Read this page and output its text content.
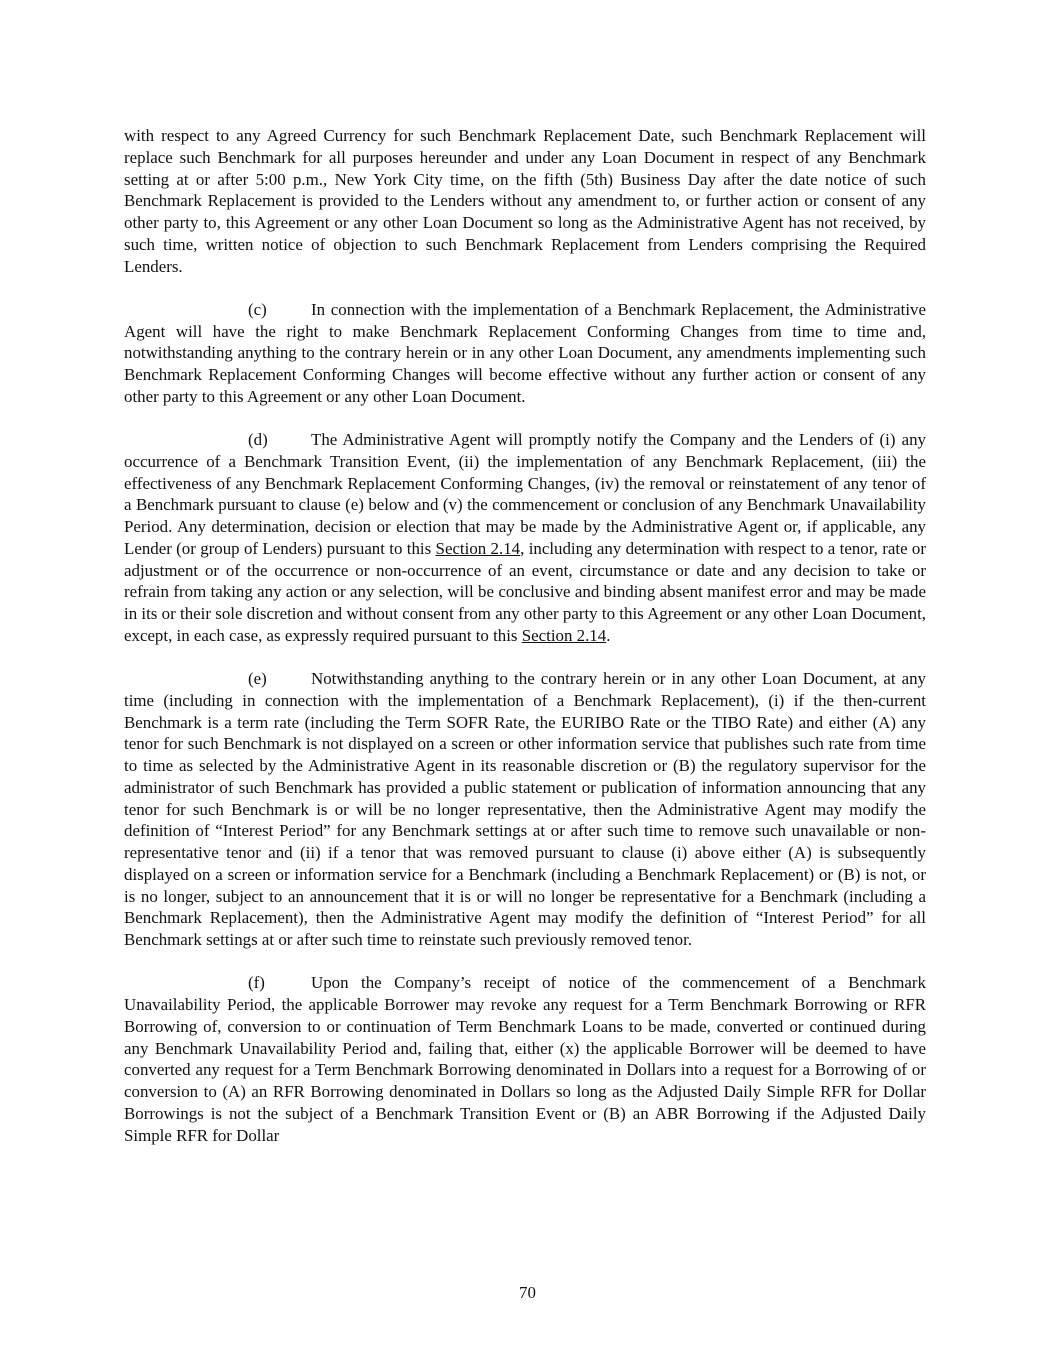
with respect to any Agreed Currency for such Benchmark Replacement Date, such Benchmark Replacement will replace such Benchmark for all purposes hereunder and under any Loan Document in respect of any Benchmark setting at or after 5:00 p.m., New York City time, on the fifth (5th) Business Day after the date notice of such Benchmark Replacement is provided to the Lenders without any amendment to, or further action or consent of any other party to, this Agreement or any other Loan Document so long as the Administrative Agent has not received, by such time, written notice of objection to such Benchmark Replacement from Lenders comprising the Required Lenders.

(c)	In connection with the implementation of a Benchmark Replacement, the Administrative Agent will have the right to make Benchmark Replacement Conforming Changes from time to time and, notwithstanding anything to the contrary herein or in any other Loan Document, any amendments implementing such Benchmark Replacement Conforming Changes will become effective without any further action or consent of any other party to this Agreement or any other Loan Document.

(d)	The Administrative Agent will promptly notify the Company and the Lenders of (i) any occurrence of a Benchmark Transition Event, (ii) the implementation of any Benchmark Replacement, (iii) the effectiveness of any Benchmark Replacement Conforming Changes, (iv) the removal or reinstatement of any tenor of a Benchmark pursuant to clause (e) below and (v) the commencement or conclusion of any Benchmark Unavailability Period. Any determination, decision or election that may be made by the Administrative Agent or, if applicable, any Lender (or group of Lenders) pursuant to this Section 2.14, including any determination with respect to a tenor, rate or adjustment or of the occurrence or non-occurrence of an event, circumstance or date and any decision to take or refrain from taking any action or any selection, will be conclusive and binding absent manifest error and may be made in its or their sole discretion and without consent from any other party to this Agreement or any other Loan Document, except, in each case, as expressly required pursuant to this Section 2.14.

(e)	Notwithstanding anything to the contrary herein or in any other Loan Document, at any time (including in connection with the implementation of a Benchmark Replacement), (i) if the then-current Benchmark is a term rate (including the Term SOFR Rate, the EURIBO Rate or the TIBO Rate) and either (A) any tenor for such Benchmark is not displayed on a screen or other information service that publishes such rate from time to time as selected by the Administrative Agent in its reasonable discretion or (B) the regulatory supervisor for the administrator of such Benchmark has provided a public statement or publication of information announcing that any tenor for such Benchmark is or will be no longer representative, then the Administrative Agent may modify the definition of “Interest Period” for any Benchmark settings at or after such time to remove such unavailable or non-representative tenor and (ii) if a tenor that was removed pursuant to clause (i) above either (A) is subsequently displayed on a screen or information service for a Benchmark (including a Benchmark Replacement) or (B) is not, or is no longer, subject to an announcement that it is or will no longer be representative for a Benchmark (including a Benchmark Replacement), then the Administrative Agent may modify the definition of “Interest Period” for all Benchmark settings at or after such time to reinstate such previously removed tenor.

(f)	Upon the Company’s receipt of notice of the commencement of a Benchmark Unavailability Period, the applicable Borrower may revoke any request for a Term Benchmark Borrowing or RFR Borrowing of, conversion to or continuation of Term Benchmark Loans to be made, converted or continued during any Benchmark Unavailability Period and, failing that, either (x) the applicable Borrower will be deemed to have converted any request for a Term Benchmark Borrowing denominated in Dollars into a request for a Borrowing of or conversion to (A) an RFR Borrowing denominated in Dollars so long as the Adjusted Daily Simple RFR for Dollar Borrowings is not the subject of a Benchmark Transition Event or (B) an ABR Borrowing if the Adjusted Daily Simple RFR for Dollar

70
